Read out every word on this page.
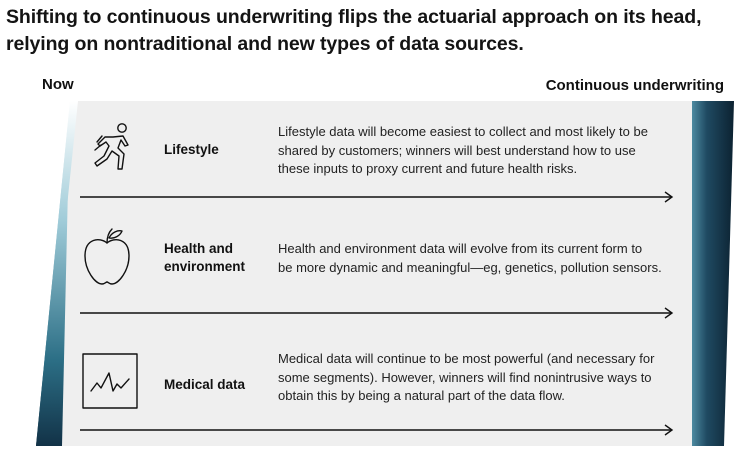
Shifting to continuous underwriting flips the actuarial approach on its head,
relying on nontraditional and new types of data sources.
Now	Continuous underwriting
Lifestyle
Lifestyle data will become easiest to collect and most likely to be
shared by customers; winners will best understand how to use
these inputs to proxy current and future health risks.
Health and
environment
Health and environment data will evolve from its current form to
be more dynamic and meaningful—eg, genetics, pollution sensors.
Medical data
Medical data will continue to be most powerful (and necessary for
some segments). However, winners will find nonintrusive ways to
obtain this by being a natural part of the data flow.
